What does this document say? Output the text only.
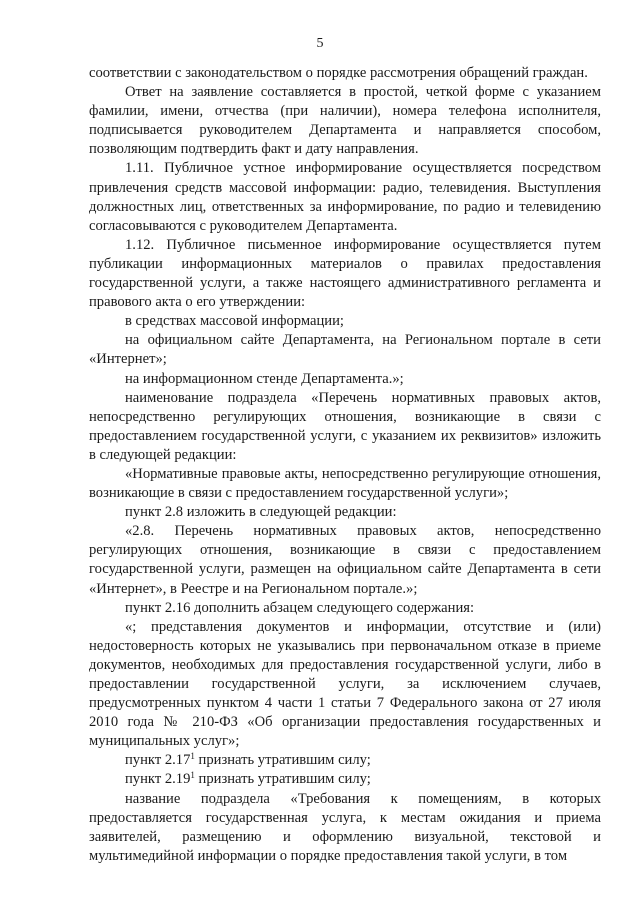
5

соответствии с законодательством о порядке рассмотрения обращений граждан.

Ответ на заявление составляется в простой, четкой форме с указанием фамилии, имени, отчества (при наличии), номера телефона исполнителя, подписывается руководителем Департамента и направляется способом, позволяющим подтвердить факт и дату направления.

1.11. Публичное устное информирование осуществляется посредством привлечения средств массовой информации: радио, телевидения. Выступления должностных лиц, ответственных за информирование, по радио и телевидению согласовываются с руководителем Департамента.

1.12. Публичное письменное информирование осуществляется путем публикации информационных материалов о правилах предоставления государственной услуги, а также настоящего административного регламента и правового акта о его утверждении:

в средствах массовой информации;

на официальном сайте Департамента, на Региональном портале в сети «Интернет»;

на информационном стенде Департамента.»;

наименование подраздела «Перечень нормативных правовых актов, непосредственно регулирующих отношения, возникающие в связи с предоставлением государственной услуги, с указанием их реквизитов» изложить в следующей редакции:

«Нормативные правовые акты, непосредственно регулирующие отношения, возникающие в связи с предоставлением государственной услуги»;

пункт 2.8 изложить в следующей редакции:

«2.8. Перечень нормативных правовых актов, непосредственно регулирующих отношения, возникающие в связи с предоставлением государственной услуги, размещен на официальном сайте Департамента в сети «Интернет», в Реестре и на Региональном портале.»;

пункт 2.16 дополнить абзацем следующего содержания:

«; представления документов и информации, отсутствие и (или) недостоверность которых не указывались при первоначальном отказе в приеме документов, необходимых для предоставления государственной услуги, либо в предоставлении государственной услуги, за исключением случаев, предусмотренных пунктом 4 части 1 статьи 7 Федерального закона от 27 июля 2010 года № 210-ФЗ «Об организации предоставления государственных и муниципальных услуг»;

пункт 2.17$^1$ признать утратившим силу;

пункт 2.19$^1$ признать утратившим силу;

название подраздела «Требования к помещениям, в которых предоставляется государственная услуга, к местам ожидания и приема заявителей, размещению и оформлению визуальной, текстовой и мультимедийной информации о порядке предоставления такой услуги, в том
